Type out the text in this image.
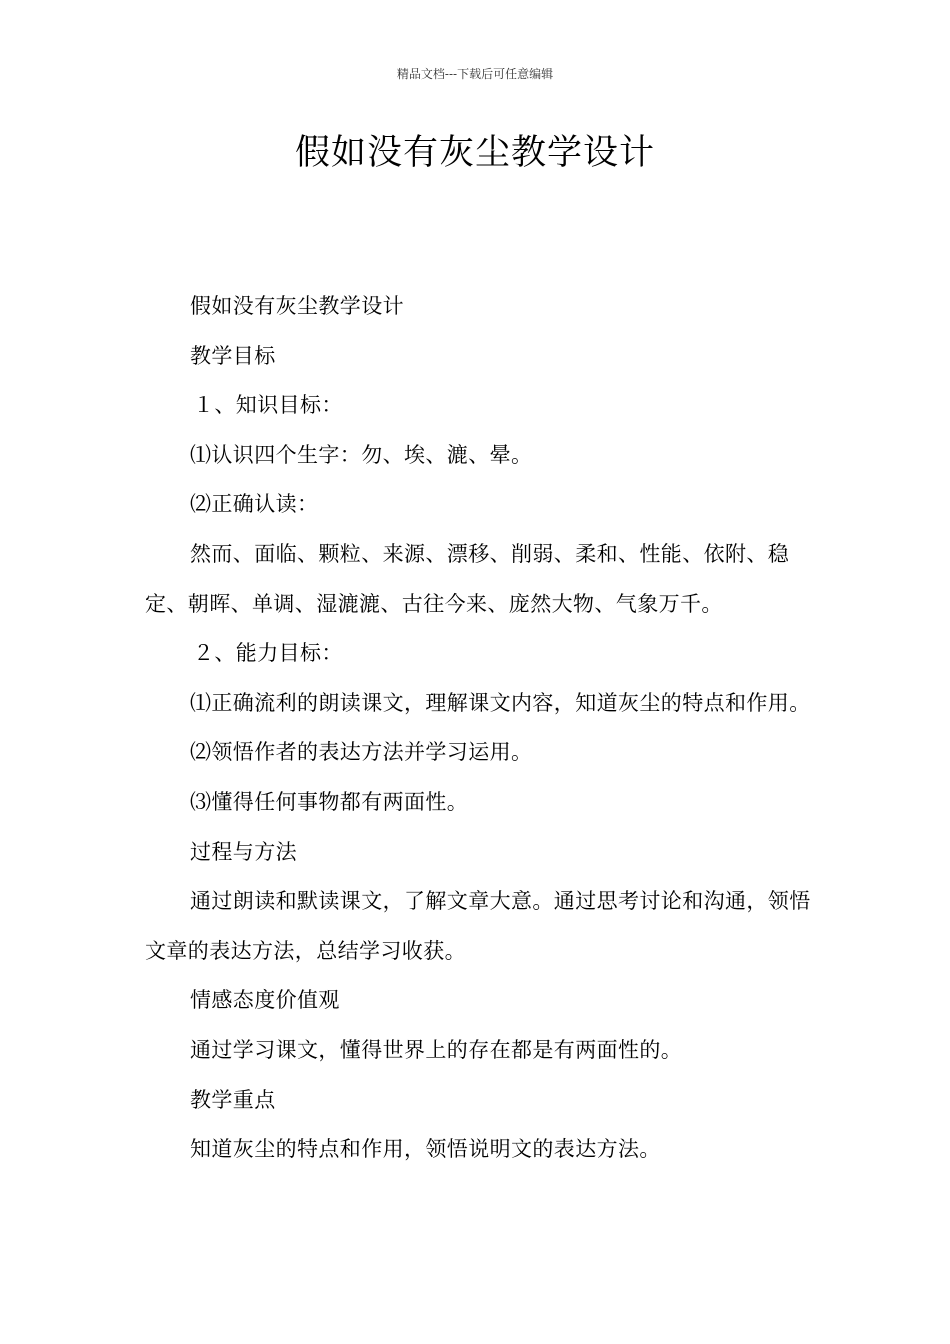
精品文档---下载后可任意编辑
假如没有灰尘教学设计

假如没有灰尘教学设计

教学目标

１、知识目标：

⑴认识四个生字：勿、埃、漉、晕。

⑵正确认读：

然而、面临、颗粒、来源、漂移、削弱、柔和、性能、依附、稳定、朝晖、单调、湿漉漉、古往今来、庞然大物、气象万千。

２、能力目标：

⑴正确流利的朗读课文，理解课文内容，知道灰尘的特点和作用。

⑵领悟作者的表达方法并学习运用。

⑶懂得任何事物都有两面性。

过程与方法

通过朗读和默读课文，了解文章大意。通过思考讨论和沟通，领悟文章的表达方法，总结学习收获。

情感态度价值观

通过学习课文，懂得世界上的存在都是有两面性的。

教学重点

知道灰尘的特点和作用，领悟说明文的表达方法。
